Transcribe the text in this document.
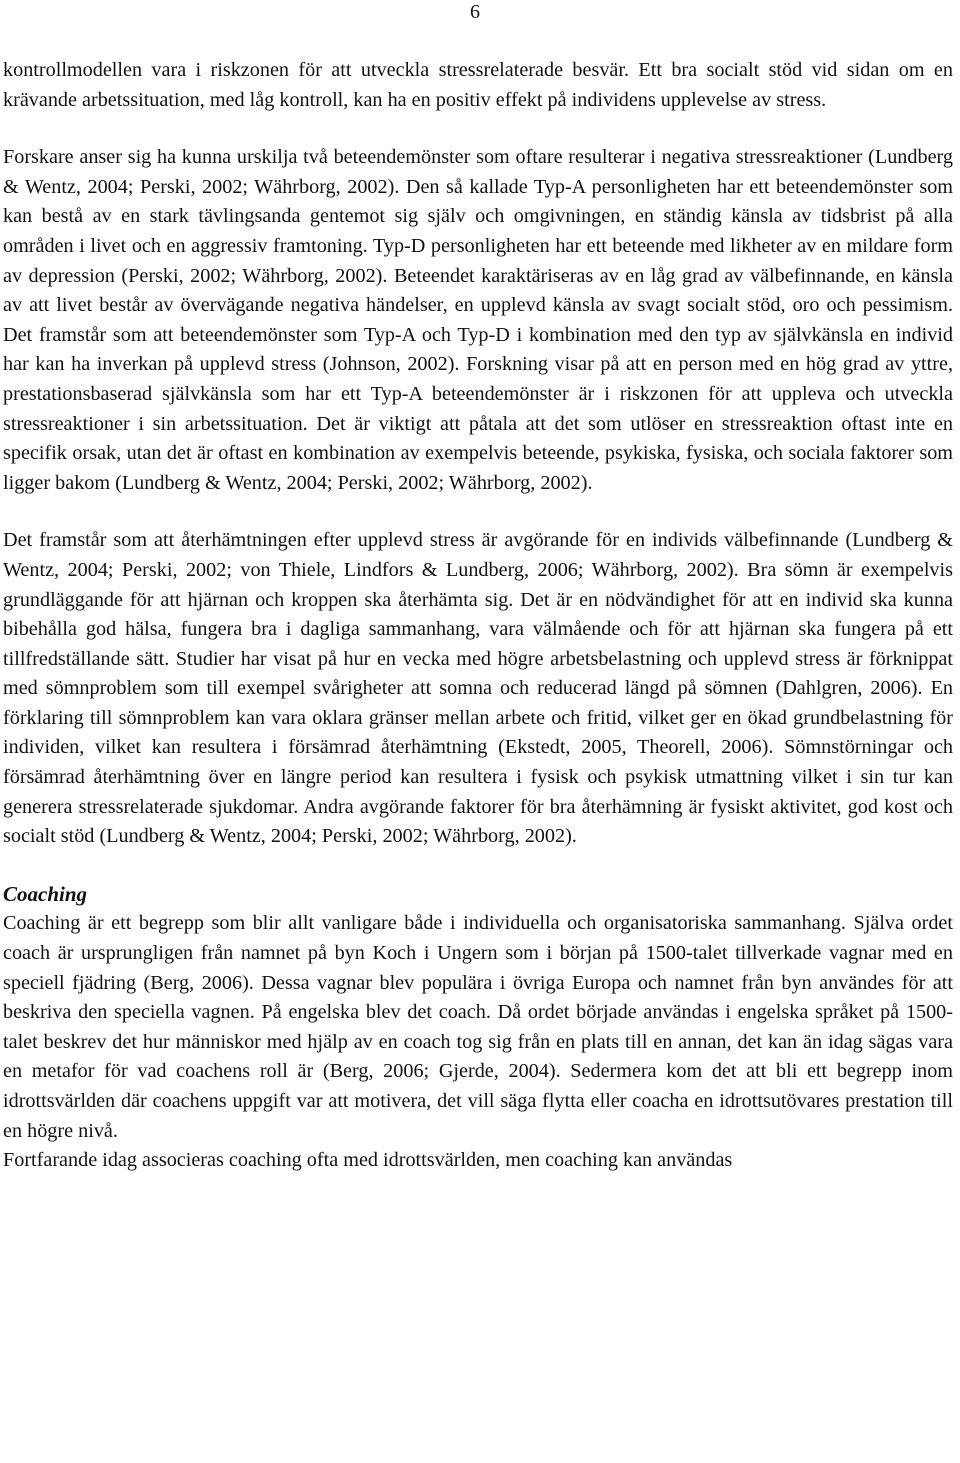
6

kontrollmodellen vara i riskzonen för att utveckla stressrelaterade besvär. Ett bra socialt stöd vid sidan om en krävande arbetssituation, med låg kontroll, kan ha en positiv effekt på individens upplevelse av stress.

Forskare anser sig ha kunna urskilja två beteendemönster som oftare resulterar i negativa stressreaktioner (Lundberg & Wentz, 2004; Perski, 2002; Währborg, 2002). Den så kallade Typ-A personligheten har ett beteendemönster som kan bestå av en stark tävlingsanda gentemot sig själv och omgivningen, en ständig känsla av tidsbrist på alla områden i livet och en aggressiv framtoning. Typ-D personligheten har ett beteende med likheter av en mildare form av depression (Perski, 2002; Währborg, 2002). Beteendet karaktäriseras av en låg grad av välbefinnande, en känsla av att livet består av övervägande negativa händelser, en upplevd känsla av svagt socialt stöd, oro och pessimism. Det framstår som att beteendemönster som Typ-A och Typ-D i kombination med den typ av självkänsla en individ har kan ha inverkan på upplevd stress (Johnson, 2002). Forskning visar på att en person med en hög grad av yttre, prestationsbaserad självkänsla som har ett Typ-A beteendemönster är i riskzonen för att uppleva och utveckla stressreaktioner i sin arbetssituation. Det är viktigt att påtala att det som utlöser en stressreaktion oftast inte en specifik orsak, utan det är oftast en kombination av exempelvis beteende, psykiska, fysiska, och sociala faktorer som ligger bakom (Lundberg & Wentz, 2004; Perski, 2002; Währborg, 2002).

Det framstår som att återhämtningen efter upplevd stress är avgörande för en individs välbefinnande (Lundberg & Wentz, 2004; Perski, 2002; von Thiele, Lindfors & Lundberg, 2006; Währborg, 2002). Bra sömn är exempelvis grundläggande för att hjärnan och kroppen ska återhämta sig. Det är en nödvändighet för att en individ ska kunna bibehålla god hälsa, fungera bra i dagliga sammanhang, vara välmående och för att hjärnan ska fungera på ett tillfredställande sätt. Studier har visat på hur en vecka med högre arbetsbelastning och upplevd stress är förknippat med sömnproblem som till exempel svårigheter att somna och reducerad längd på sömnen (Dahlgren, 2006). En förklaring till sömnproblem kan vara oklara gränser mellan arbete och fritid, vilket ger en ökad grundbelastning för individen, vilket kan resultera i försämrad återhämtning (Ekstedt, 2005, Theorell, 2006). Sömnstörningar och försämrad återhämtning över en längre period kan resultera i fysisk och psykisk utmattning vilket i sin tur kan generera stressrelaterade sjukdomar. Andra avgörande faktorer för bra återhämning är fysiskt aktivitet, god kost och socialt stöd (Lundberg & Wentz, 2004; Perski, 2002; Währborg, 2002).

Coaching

Coaching är ett begrepp som blir allt vanligare både i individuella och organisatoriska sammanhang. Själva ordet coach är ursprungligen från namnet på byn Koch i Ungern som i början på 1500-talet tillverkade vagnar med en speciell fjädring (Berg, 2006). Dessa vagnar blev populära i övriga Europa och namnet från byn användes för att beskriva den speciella vagnen. På engelska blev det coach. Då ordet började användas i engelska språket på 1500-talet beskrev det hur människor med hjälp av en coach tog sig från en plats till en annan, det kan än idag sägas vara en metafor för vad coachens roll är (Berg, 2006; Gjerde, 2004). Sedermera kom det att bli ett begrepp inom idrottsvärlden där coachens uppgift var att motivera, det vill säga flytta eller coacha en idrottsutövares prestation till en högre nivå.

Fortfarande idag associeras coaching ofta med idrottsvärlden, men coaching kan användas
